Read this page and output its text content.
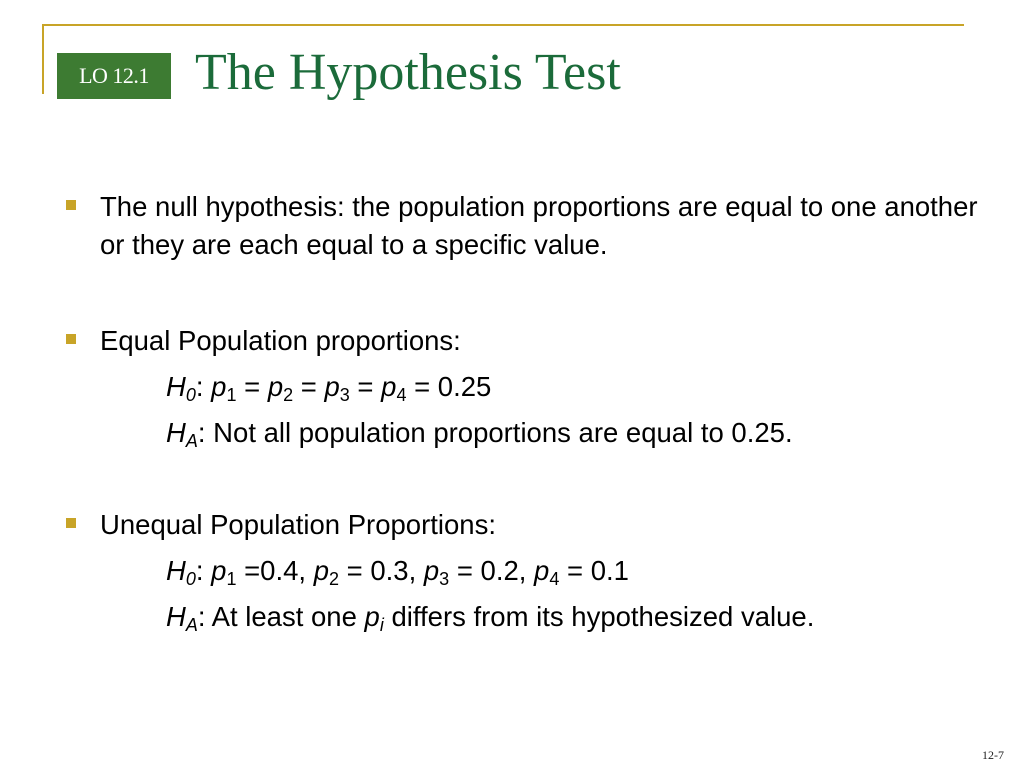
LO 12.1 The Hypothesis Test
The null hypothesis: the population proportions are equal to one another or they are each equal to a specific value.
Equal Population proportions:
$H_0$: $p_1 = p_2 = p_3 = p_4 = 0.25$
$H_A$: Not all population proportions are equal to 0.25.
Unequal Population Proportions:
$H_0$: $p_1 =0.4$, $p_2 = 0.3$, $p_3 = 0.2$, $p_4 = 0.1$
$H_A$: At least one $p_i$ differs from its hypothesized value.
12-7
